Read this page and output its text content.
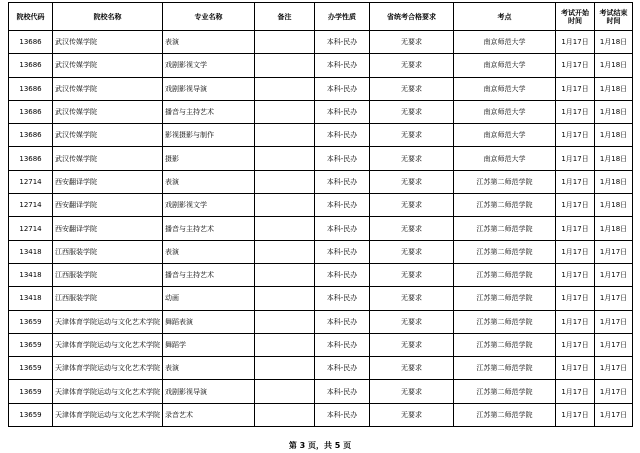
院校代码	院校名称	专业名称	备注	办学性质	省统考合格要求	考点	考试开始时间	考试结束时间
13686	武汉传媒学院	表演		本科-民办	无要求	南京师范大学	1月17日	1月18日
13686	武汉传媒学院	戏剧影视文学		本科-民办	无要求	南京师范大学	1月17日	1月18日
13686	武汉传媒学院	戏剧影视导演		本科-民办	无要求	南京师范大学	1月17日	1月18日
13686	武汉传媒学院	播音与主持艺术		本科-民办	无要求	南京师范大学	1月17日	1月18日
13686	武汉传媒学院	影视摄影与制作		本科-民办	无要求	南京师范大学	1月17日	1月18日
13686	武汉传媒学院	摄影		本科-民办	无要求	南京师范大学	1月17日	1月18日
12714	西安翻译学院	表演		本科-民办	无要求	江苏第二师范学院	1月17日	1月18日
12714	西安翻译学院	戏剧影视文学		本科-民办	无要求	江苏第二师范学院	1月17日	1月18日
12714	西安翻译学院	播音与主持艺术		本科-民办	无要求	江苏第二师范学院	1月17日	1月18日
13418	江西服装学院	表演		本科-民办	无要求	江苏第二师范学院	1月17日	1月17日
13418	江西服装学院	播音与主持艺术		本科-民办	无要求	江苏第二师范学院	1月17日	1月17日
13418	江西服装学院	动画		本科-民办	无要求	江苏第二师范学院	1月17日	1月17日
13659	天津体育学院运动与文化艺术学院	舞蹈表演		本科-民办	无要求	江苏第二师范学院	1月17日	1月17日
13659	天津体育学院运动与文化艺术学院	舞蹈学		本科-民办	无要求	江苏第二师范学院	1月17日	1月17日
13659	天津体育学院运动与文化艺术学院	表演		本科-民办	无要求	江苏第二师范学院	1月17日	1月17日
13659	天津体育学院运动与文化艺术学院	戏剧影视导演		本科-民办	无要求	江苏第二师范学院	1月17日	1月17日
13659	天津体育学院运动与文化艺术学院	录音艺术		本科-民办	无要求	江苏第二师范学院	1月17日	1月17日
第 3 页，共 5 页
